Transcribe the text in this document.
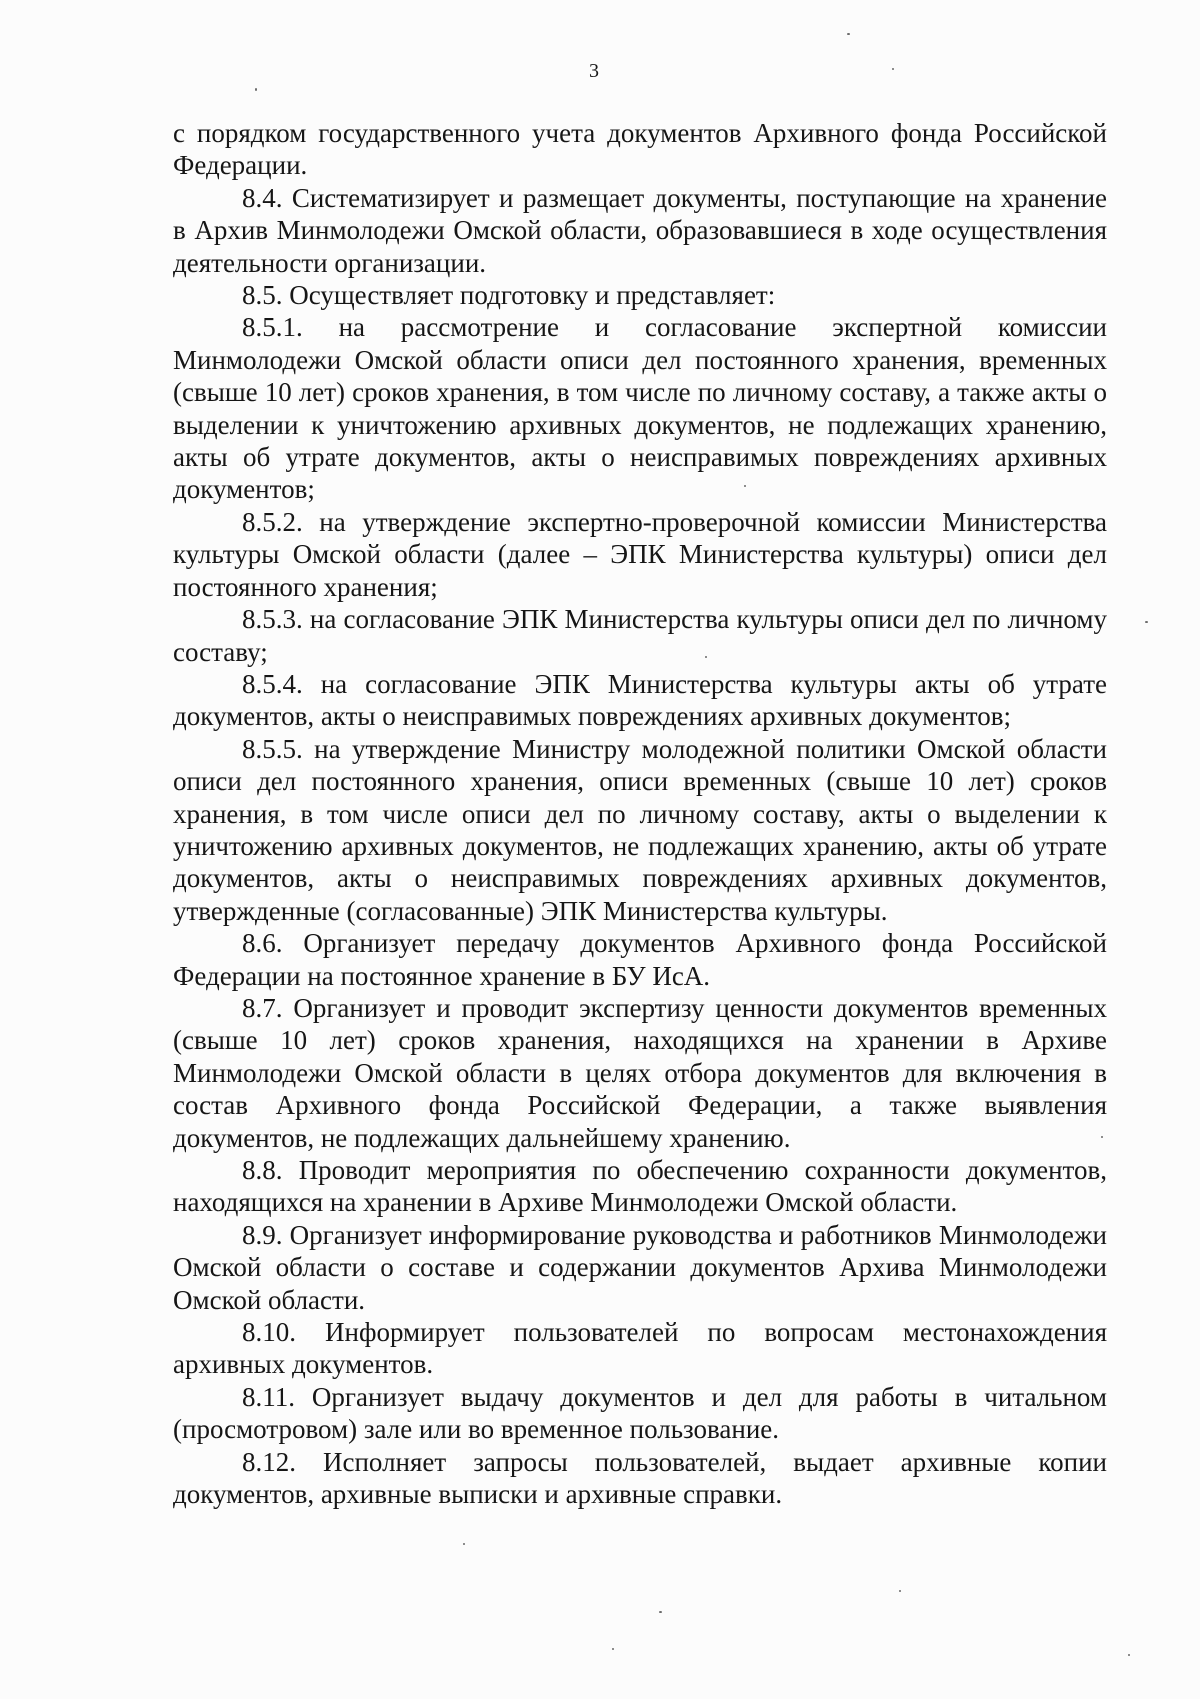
3

с порядком государственного учета документов Архивного фонда Российской Федерации.

8.4. Систематизирует и размещает документы, поступающие на хранение в Архив Минмолодежи Омской области, образовавшиеся в ходе осуществления деятельности организации.

8.5. Осуществляет подготовку и представляет:

8.5.1. на рассмотрение и согласование экспертной комиссии Минмолодежи Омской области описи дел постоянного хранения, временных (свыше 10 лет) сроков хранения, в том числе по личному составу, а также акты о выделении к уничтожению архивных документов, не подлежащих хранению, акты об утрате документов, акты о неисправимых повреждениях архивных документов;

8.5.2. на утверждение экспертно-проверочной комиссии Министерства культуры Омской области (далее – ЭПК Министерства культуры) описи дел постоянного хранения;

8.5.3. на согласование ЭПК Министерства культуры описи дел по личному составу;

8.5.4. на согласование ЭПК Министерства культуры акты об утрате документов, акты о неисправимых повреждениях архивных документов;

8.5.5. на утверждение Министру молодежной политики Омской области описи дел постоянного хранения, описи временных (свыше 10 лет) сроков хранения, в том числе описи дел по личному составу, акты о выделении к уничтожению архивных документов, не подлежащих хранению, акты об утрате документов, акты о неисправимых повреждениях архивных документов, утвержденные (согласованные) ЭПК Министерства культуры.

8.6. Организует передачу документов Архивного фонда Российской Федерации на постоянное хранение в БУ ИсА.

8.7. Организует и проводит экспертизу ценности документов временных (свыше 10 лет) сроков хранения, находящихся на хранении в Архиве Минмолодежи Омской области в целях отбора документов для включения в состав Архивного фонда Российской Федерации, а также выявления документов, не подлежащих дальнейшему хранению.

8.8. Проводит мероприятия по обеспечению сохранности документов, находящихся на хранении в Архиве Минмолодежи Омской области.

8.9. Организует информирование руководства и работников Минмолодежи Омской области о составе и содержании документов Архива Минмолодежи Омской области.

8.10. Информирует пользователей по вопросам местонахождения архивных документов.

8.11. Организует выдачу документов и дел для работы в читальном (просмотровом) зале или во временное пользование.

8.12. Исполняет запросы пользователей, выдает архивные копии документов, архивные выписки и архивные справки.
